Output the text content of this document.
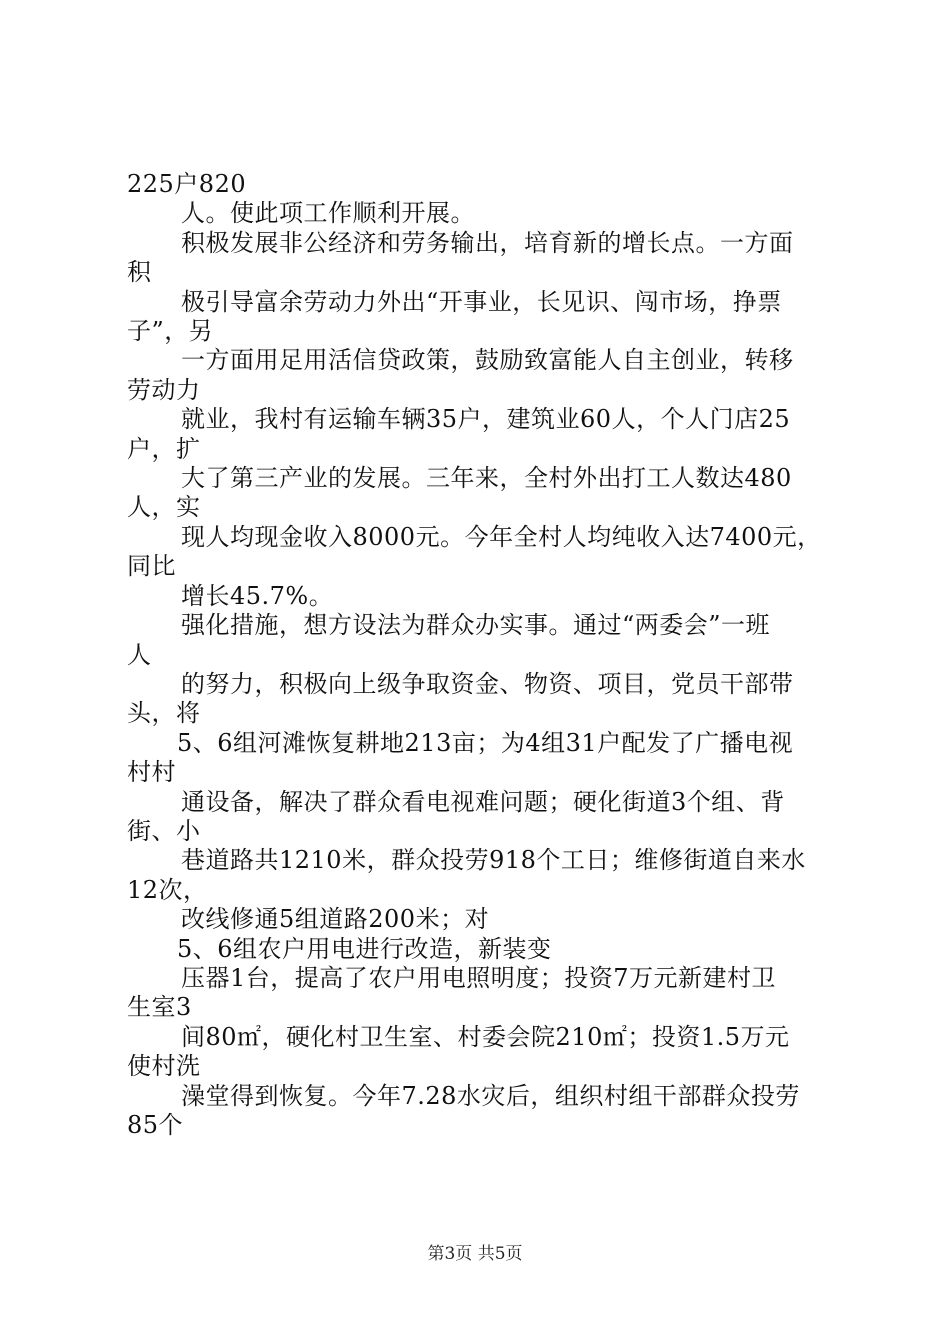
225户820
人。使此项工作顺利开展。
积极发展非公经济和劳务输出，培育新的增长点。一方面
积
极引导富余劳动力外出“开事业，长见识、闯市场，挣票
子”，另
一方面用足用活信贷政策，鼓励致富能人自主创业，转移
劳动力
就业，我村有运输车辆35户，建筑业60人，个人门店25
户，扩
大了第三产业的发展。三年来，全村外出打工人数达480
人，实
现人均现金收入8000元。今年全村人均纯收入达7400元，
同比
增长45.7%。
强化措施，想方设法为群众办实事。通过“两委会”一班
人
的努力，积极向上级争取资金、物资、项目，党员干部带
头，将
5、6组河滩恢复耕地213亩；为4组31户配发了广播电视
村村
通设备，解决了群众看电视难问题；硬化街道3个组、背
街、小
巷道路共1210米，群众投劳918个工日；维修街道自来水
12次，
改线修通5组道路200米；对
5、6组农户用电进行改造，新装变
压器1台，提高了农户用电照明度；投资7万元新建村卫
生室3
间80㎡，硬化村卫生室、村委会院210㎡；投资1.5万元
使村洗
澡堂得到恢复。今年7.28水灾后，组织村组干部群众投劳
85个
第3页 共5页
